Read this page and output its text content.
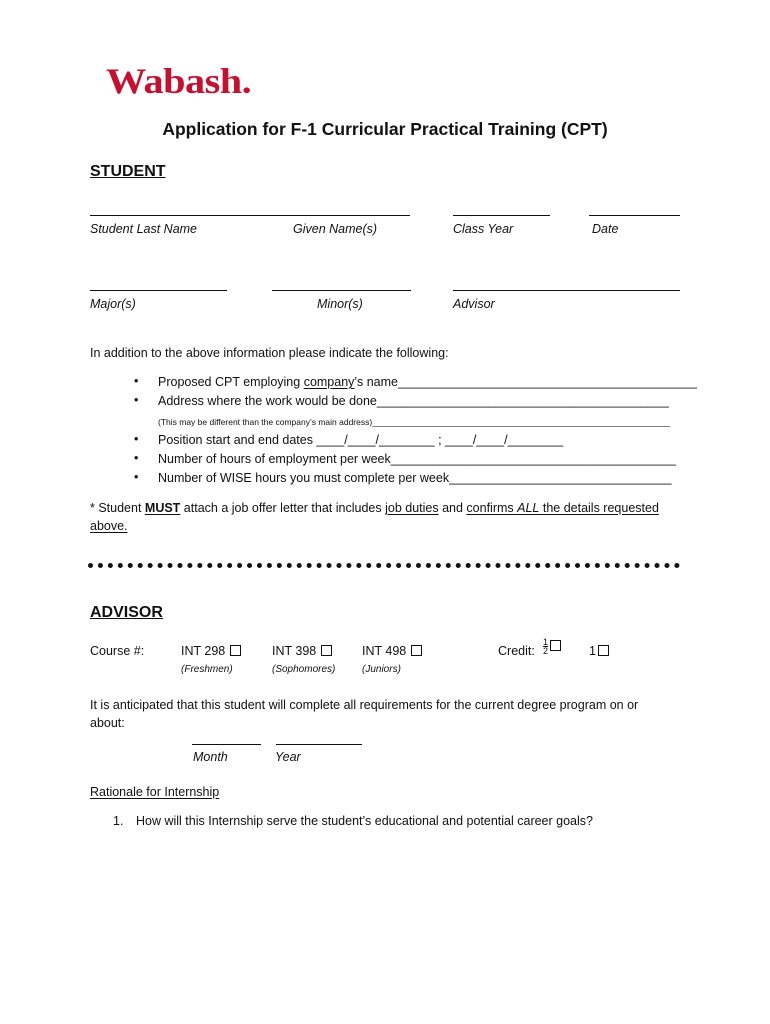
Wabash.
Application for F-1 Curricular Practical Training (CPT)
STUDENT
Student Last Name	Given Name(s)	Class Year	Date
Major(s)	Minor(s)	Advisor
In addition to the above information please indicate the following:
• Proposed CPT employing company’s name___________________________________________
• Address where the work would be done__________________________________________
(This may be different than the company’s main address)_______________________________________________________________
• Position start and end dates ____/____/________ ; ____/____/________
• Number of hours of employment per week_________________________________________
• Number of WISE hours you must complete per week________________________________
* Student MUST attach a job offer letter that includes job duties and confirms ALL the details requested
above.
ADVISOR
Course #:	INT 298	INT 398	INT 498
(Freshmen)	(Sophomores)	(Juniors)
Credit: $\frac{1}{2}$	1
It is anticipated that this student will complete all requirements for the current degree program on or
about:
Month	Year
Rationale for Internship
1. How will this Internship serve the student’s educational and potential career goals?
